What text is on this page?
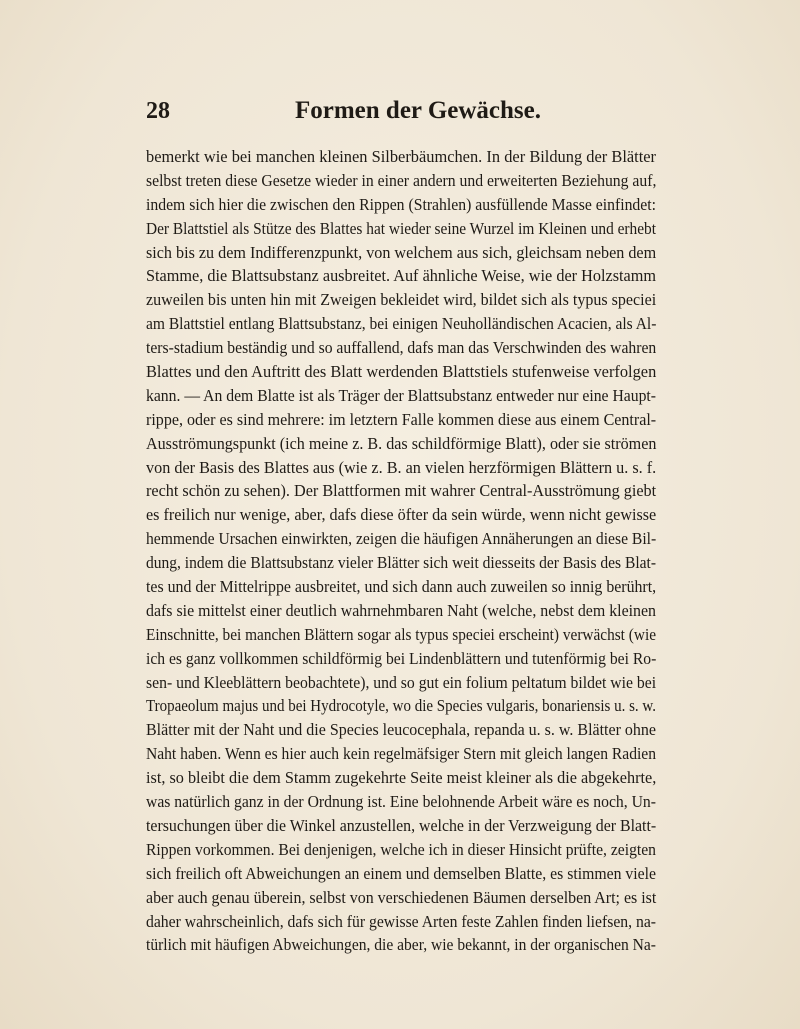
28	Formen der Gewächse.
bemerkt wie bei manchen kleinen Silberbäumchen. In der Bildung der Blätter
selbst treten diese Gesetze wieder in einer andern und erweiterten Beziehung auf,
indem sich hier die zwischen den Rippen (Strahlen) ausfüllende Masse einfindet:
Der Blattstiel als Stütze des Blattes hat wieder seine Wurzel im Kleinen und erhebt
sich bis zu dem Indifferenzpunkt, von welchem aus sich, gleichsam neben dem
Stamme, die Blattsubstanz ausbreitet. Auf ähnliche Weise, wie der Holzstamm
zuweilen bis unten hin mit Zweigen bekleidet wird, bildet sich als typus speciei
am Blattstiel entlang Blattsubstanz, bei einigen Neuholländischen Acacien, als Al-
ters-stadium beständig und so auffallend, dafs man das Verschwinden des wahren
Blattes und den Auftritt des Blatt werdenden Blattstiels stufenweise verfolgen
kann. — An dem Blatte ist als Träger der Blattsubstanz entweder nur eine Haupt-
rippe, oder es sind mehrere: im letztern Falle kommen diese aus einem Central-
Ausströmungspunkt (ich meine z. B. das schildförmige Blatt), oder sie strömen
von der Basis des Blattes aus (wie z. B. an vielen herzförmigen Blättern u. s. f.
recht schön zu sehen). Der Blattformen mit wahrer Central-Ausströmung giebt
es freilich nur wenige, aber, dafs diese öfter da sein würde, wenn nicht gewisse
hemmende Ursachen einwirkten, zeigen die häufigen Annäherungen an diese Bil-
dung, indem die Blattsubstanz vieler Blätter sich weit diesseits der Basis des Blat-
tes und der Mittelrippe ausbreitet, und sich dann auch zuweilen so innig berührt,
dafs sie mittelst einer deutlich wahrnehmbaren Naht (welche, nebst dem kleinen
Einschnitte, bei manchen Blättern sogar als typus speciei erscheint) verwächst (wie
ich es ganz vollkommen schildförmig bei Lindenblättern und tutenförmig bei Ro-
sen- und Kleeblättern beobachtete), und so gut ein folium peltatum bildet wie bei
Tropaeolum majus und bei Hydrocotyle, wo die Species vulgaris, bonariensis u. s. w.
Blätter mit der Naht und die Species leucocephala, repanda u. s. w. Blätter ohne
Naht haben. Wenn es hier auch kein regelmäfsiger Stern mit gleich langen Radien
ist, so bleibt die dem Stamm zugekehrte Seite meist kleiner als die abgekehrte,
was natürlich ganz in der Ordnung ist. Eine belohnende Arbeit wäre es noch, Un-
tersuchungen über die Winkel anzustellen, welche in der Verzweigung der Blatt-
Rippen vorkommen. Bei denjenigen, welche ich in dieser Hinsicht prüfte, zeigten
sich freilich oft Abweichungen an einem und demselben Blatte, es stimmen viele
aber auch genau überein, selbst von verschiedenen Bäumen derselben Art; es ist
daher wahrscheinlich, dafs sich für gewisse Arten feste Zahlen finden liefsen, na-
türlich mit häufigen Abweichungen, die aber, wie bekannt, in der organischen Na-
